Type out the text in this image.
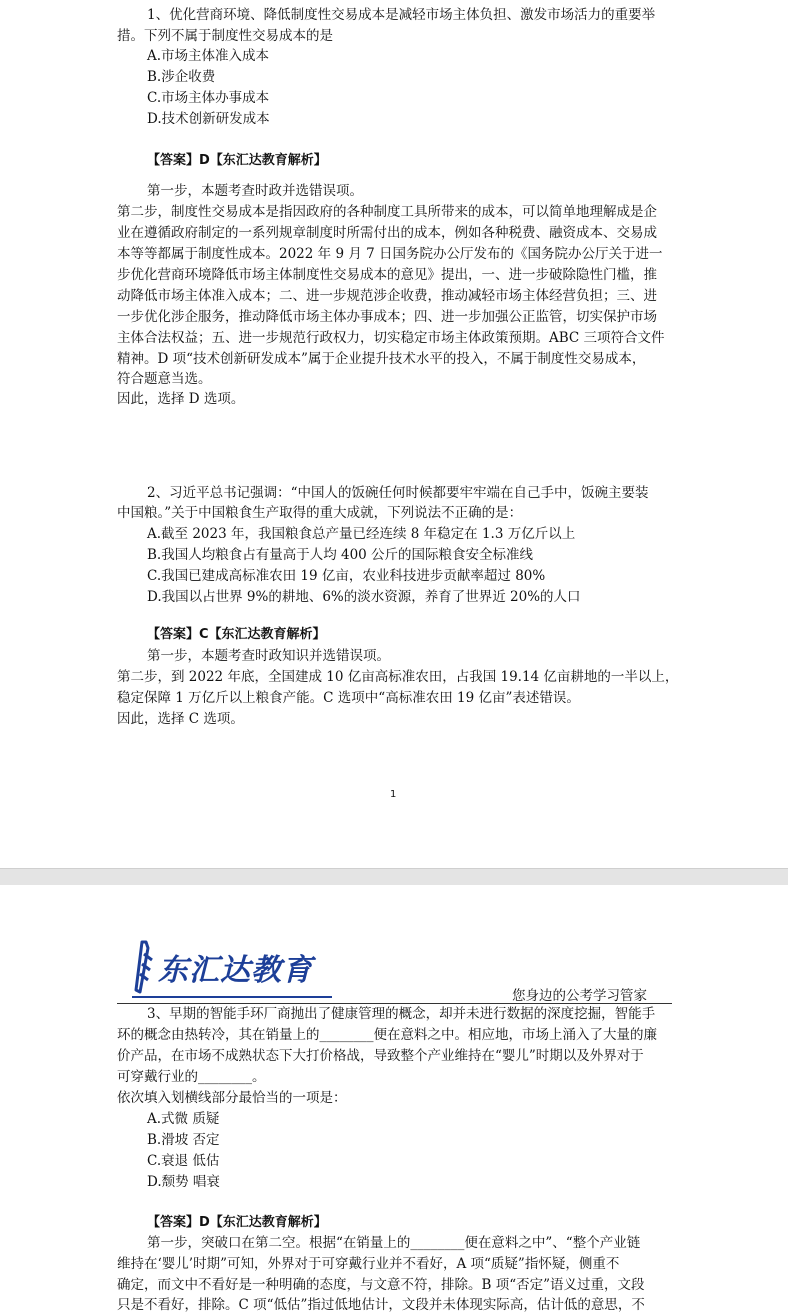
1、优化营商环境、降低制度性交易成本是减轻市场主体负担、激发市场活力的重要举
措。下列不属于制度性交易成本的是
A.市场主体准入成本
B.涉企收费
C.市场主体办事成本
D.技术创新研发成本
【答案】D【东汇达教育解析】
第一步，本题考查时政并选错误项。
第二步，制度性交易成本是指因政府的各种制度工具所带来的成本，可以简单地理解成是企
业在遵循政府制定的一系列规章制度时所需付出的成本，例如各种税费、融资成本、交易成
本等等都属于制度性成本。2022 年 9 月 7 日国务院办公厅发布的《国务院办公厅关于进一
步优化营商环境降低市场主体制度性交易成本的意见》提出，一、进一步破除隐性门槛，推
动降低市场主体准入成本；二、进一步规范涉企收费，推动减轻市场主体经营负担；三、进
一步优化涉企服务，推动降低市场主体办事成本；四、进一步加强公正监管，切实保护市场
主体合法权益；五、进一步规范行政权力，切实稳定市场主体政策预期。ABC 三项符合文件
精神。D 项“技术创新研发成本”属于企业提升技术水平的投入，不属于制度性交易成本，
符合题意当选。
因此，选择 D 选项。
2、习近平总书记强调：“中国人的饭碗任何时候都要牢牢端在自己手中，饭碗主要装
中国粮。”关于中国粮食生产取得的重大成就，下列说法不正确的是：
A.截至 2023 年，我国粮食总产量已经连续 8 年稳定在 1.3 万亿斤以上
B.我国人均粮食占有量高于人均 400 公斤的国际粮食安全标准线
C.我国已建成高标准农田 19 亿亩，农业科技进步贡献率超过 80%
D.我国以占世界 9%的耕地、6%的淡水资源，养育了世界近 20%的人口
【答案】C【东汇达教育解析】
第一步，本题考查时政知识并选错误项。
第二步，到 2022 年底，全国建成 10 亿亩高标准农田，占我国 19.14 亿亩耕地的一半以上，
稳定保障 1 万亿斤以上粮食产能。C 选项中“高标准农田 19 亿亩”表述错误。
因此，选择 C 选项。
1
东汇达教育
您身边的公考学习管家
3、早期的智能手环厂商抛出了健康管理的概念，却并未进行数据的深度挖掘，智能手
环的概念由热转冷，其在销量上的________便在意料之中。相应地，市场上涌入了大量的廉
价产品，在市场不成熟状态下大打价格战，导致整个产业维持在“婴儿”时期以及外界对于
可穿戴行业的________。
依次填入划横线部分最恰当的一项是：
A.式微 质疑
B.滑坡 否定
C.衰退 低估
D.颓势 唱衰
【答案】D【东汇达教育解析】
第一步，突破口在第二空。根据“在销量上的________便在意料之中”、“整个产业链
维持在‘婴儿’时期”可知，外界对于可穿戴行业并不看好，A 项“质疑”指怀疑，侧重不
确定，而文中不看好是一种明确的态度，与文意不符，排除。B 项“否定”语义过重，文段
只是不看好，排除。C 项“低估”指过低地估计，文段并未体现实际高，估计低的意思，不
